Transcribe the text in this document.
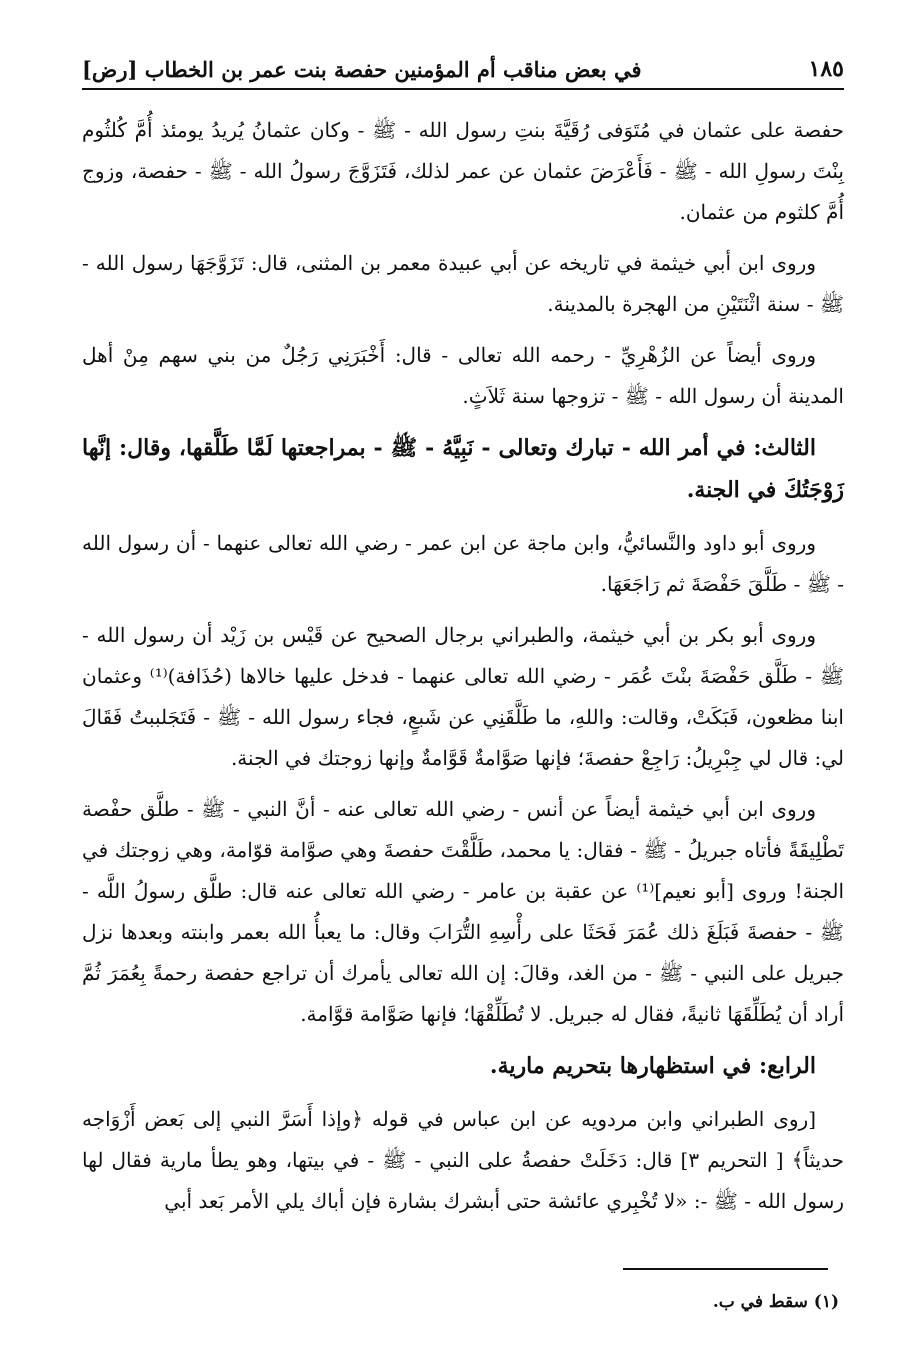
في بعض مناقب أم المؤمنين حفصة بنت عمر بن الخطاب [رض]	١٨٥

حفصة على عثمان في مُتَوَفى رُقَيَّةَ بنتِ رسول الله - ﷺ - وكان عثمانُ يُريدُ يومئذ أُمَّ كُلثُوم بِنْتَ رسولِ الله - ﷺ - فَأَعْرَضَ عثمان عن عمر لذلك، فَتَزَوَّجَ رسولُ الله - ﷺ - حفصة، وزوج أُمَّ كلثوم من عثمان.

وروى ابن أبي خيثمة في تاريخه عن أبي عبيدة معمر بن المثنى، قال: تَزَوَّجَهَا رسول الله - ﷺ - سنة اثْنَتَيْنِ من الهجرة بالمدينة.

وروى أيضاً عن الزُهْرِيِّ - رحمه الله تعالى - قال: أَخْبَرَنِي رَجُلٌ من بني سهم مِنْ أهل المدينة أن رسول الله - ﷺ - تزوجها سنة ثَلاَثٍ.

الثالث: في أمر الله - تبارك وتعالى - نَبِيَّهُ - ﷺ - بمراجعتها لَمَّا طَلَّقها، وقال: إنَّها زَوْجَتُكَ في الجنة.

وروى أبو داود والنَّسائيُّ، وابن ماجة عن ابن عمر - رضي الله تعالى عنهما - أن رسول الله - ﷺ - طَلَّقَ حَفْصَةَ ثم رَاجَعَهَا.

وروى أبو بكر بن أبي خيثمة، والطبراني برجال الصحيح عن قَيْس بن زَيْد أن رسول الله - ﷺ - طَلَّق حَفْصَةَ بنْتَ عُمَر - رضي الله تعالى عنهما - فدخل عليها خالاها (حُذَافة)⁽¹⁾ وعثمان ابنا مظعون، فَبَكَتْ، وقالت: واللهِ، ما طَلَّقَنِي عن شَبعٍ، فجاء رسول الله - ﷺ - فَتَجَلببتُ فَقَالَ لي: قال لي جِبْرِيلُ: رَاجِعْ حفصةَ؛ فإنها صَوَّامةٌ قَوَّامةٌ وإنها زوجتك في الجنة.

وروى ابن أبي خيثمة أيضاً عن أنس - رضي الله تعالى عنه - أنَّ النبي - ﷺ - طلَّق حفْصة تَطْلِيقَةً فأتاه جبريلُ - ﷺ - فقال: يا محمد، طَلَّقْتَ حفصةَ وهي صوَّامة قوّامة، وهي زوجتك في الجنة! وروى [أبو نعيم]⁽¹⁾ عن عقبة بن عامر - رضي الله تعالى عنه قال: طلَّق رسولُ اللَّه - ﷺ - حفصةَ فَبَلَغَ ذلك عُمَرَ فَحَثَا على رأْسِهِ التُّرَابَ وقال: ما يعبأُ الله بعمر وابنته وبعدها نزل جبريل على النبي - ﷺ - من الغد، وقالَ: إن الله تعالى يأمرك أن تراجع حفصة رحمةً بِعُمَرَ ثُمَّ أراد أن يُطَلِّقَهَا ثانيةً، فقال له جبريل. لا تُطَلِّقْهَا؛ فإنها صَوَّامة قوَّامة.

الرابع: في استظهارها بتحريم مارية.

[روى الطبراني وابن مردويه عن ابن عباس في قوله ﴿وإذا أَسَرَّ النبي إلى بَعض أَزْوَاجه حديثاً﴾ [ التحريم ٣] قال: دَخَلَتْ حفصةُ على النبي - ﷺ - في بيتها، وهو يطأ مارية فقال لها رسول الله - ﷺ -: «لا تُخْبِري عائشة حتى أبشرك بشارة فإن أباك يلي الأمر بَعد أبي

(١) سقط في ب.
